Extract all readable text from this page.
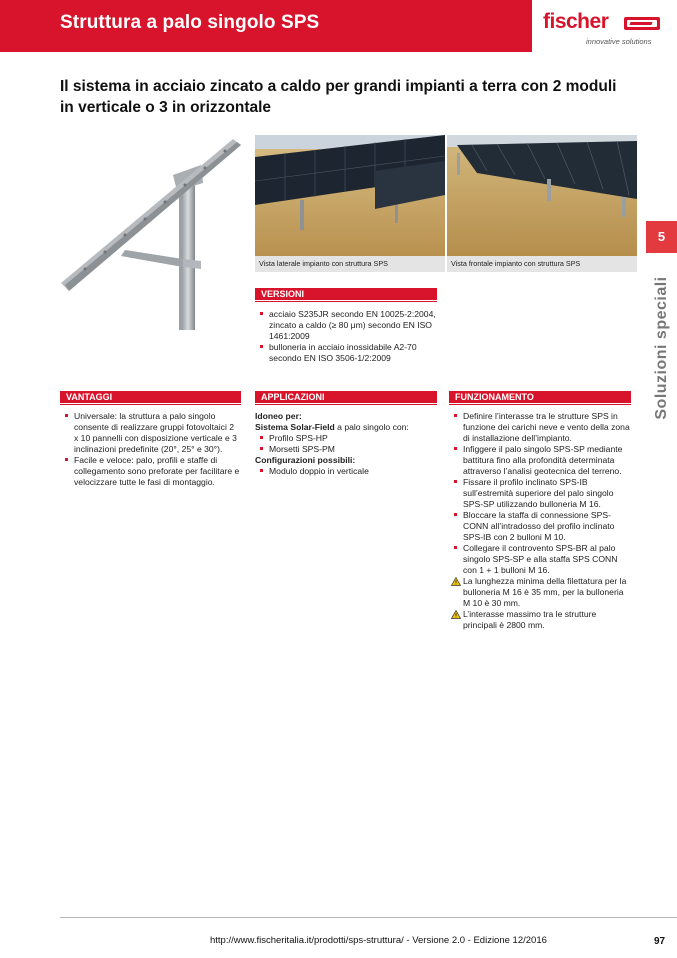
Struttura a palo singolo SPS	fischer
innovative solutions
Il sistema in acciaio zincato a caldo per grandi impianti a terra con 2 moduli in verticale o 3 in orizzontale
5
Soluzioni speciali
Vista laterale impianto con struttura SPS	Vista frontale impianto con struttura SPS
VERSIONI
acciaio S235JR secondo EN 10025-2:2004, zincato a caldo (≥ 80 μm) secondo EN ISO 1461:2009
bulloneria in acciaio inossidabile A2-70 secondo EN ISO 3506-1/2:2009
VANTAGGI
Universale: la struttura a palo singolo consente di realizzare gruppi fotovoltaici 2 x 10 pannelli con disposizione verticale e 3 inclinazioni predefinite (20°, 25° e 30°).
Facile e veloce: palo, profili e staffe di collegamento sono preforate per facilitare e velocizzare tutte le fasi di montaggio.
APPLICAZIONI
Idoneo per:
Sistema Solar-Field a palo singolo con:
Profilo SPS-HP
Morsetti SPS-PM
Configurazioni possibili:
Modulo doppio in verticale
FUNZIONAMENTO
Definire l’interasse tra le strutture SPS in funzione dei carichi neve e vento della zona di installazione dell’impianto.
Infiggere il palo singolo SPS-SP mediante battitura fino alla profondità determinata attraverso l’analisi geotecnica del terreno.
Fissare il profilo inclinato SPS-IB sull’estremità superiore del palo singolo SPS-SP utilizzando bulloneria M 16.
Bloccare la staffa di connessione SPS-CONN all’intradosso del profilo inclinato SPS-IB con 2 bulloni M 10.
Collegare il controvento SPS-BR al palo singolo SPS-SP e alla staffa SPS CONN con 1 + 1 bulloni M 16.
La lunghezza minima della filettatura per la bulloneria M 16 è 35 mm, per la bulloneria M 10 è 30 mm.
L’interasse massimo tra le strutture principali è 2800 mm.
http://www.fischeritalia.it/prodotti/sps-struttura/ - Versione 2.0 - Edizione 12/2016	97
